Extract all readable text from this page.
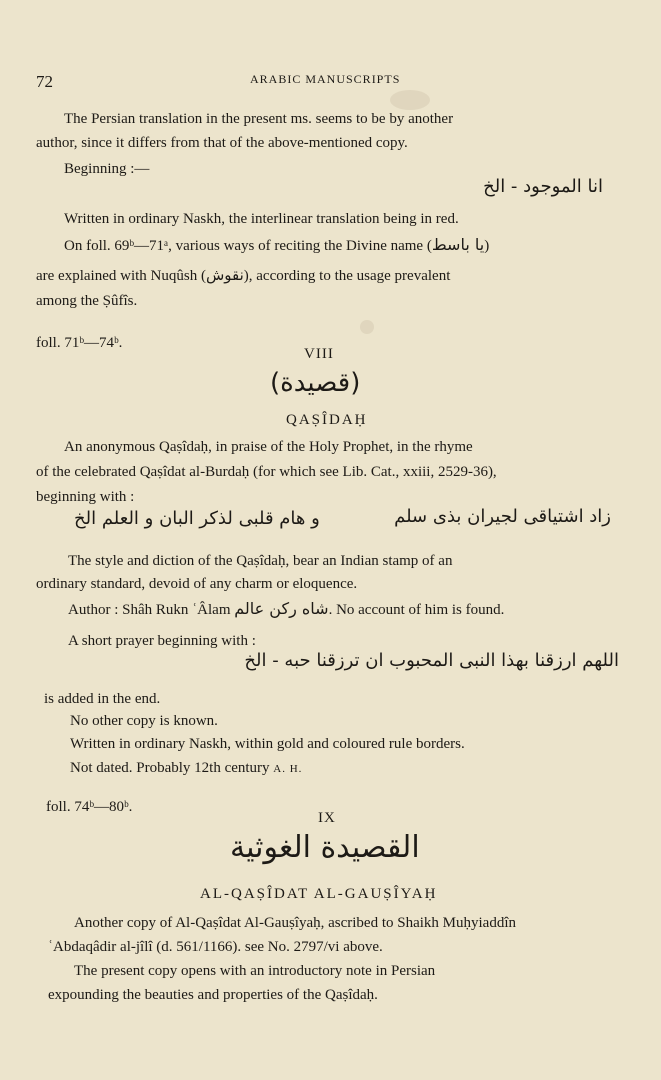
72	ARABIC MANUSCRIPTS
The Persian translation in the present ms. seems to be by another
author, since it differs from that of the above-mentioned copy.
Beginning :—
انا الموجود - الخ
Written in ordinary Naskh, the interlinear translation being in red.
On foll. 69ᵇ—71ᵃ, various ways of reciting the Divine name (يا باسط)
are explained with Nuqûsh (نقوش), according to the usage prevalent
among the Ṣûfîs.
foll. 71ᵇ—74ᵇ.
VIII
(قصيدة)
QAṢÎDAḤ
An anonymous Qaṣîdaḥ, in praise of the Holy Prophet, in the rhyme
of the celebrated Qaṣîdat al-Burdaḥ (for which see Lib. Cat., xxiii, 2529-36),
beginning with :
زاد اشتياقى لجيران بذى سلم
و هام قلبى لذكر البان و العلم الخ
The style and diction of the Qaṣîdaḥ, bear an Indian stamp of an
ordinary standard, devoid of any charm or eloquence.
Author : Shâh Rukn ʿÂlam شاه ركن عالم. No account of him is found.
A short prayer beginning with :
اللهم ارزقنا بهذا النبى المحبوب ان ترزقنا حبه - الخ
is added in the end.
No other copy is known.
Written in ordinary Naskh, within gold and coloured rule borders.
Not dated. Probably 12th century A. H.
foll. 74ᵇ—80ᵇ.
IX
القصيدة الغوثية
AL-QAṢÎDAT AL-GAUṢÎYAḤ
Another copy of Al-Qaṣîdat Al-Gauṣîyaḥ, ascribed to Shaikh Muḥyiaddîn
ʿAbdaqâdir al-jîlî (d. 561/1166). see No. 2797/vi above.
The present copy opens with an introductory note in Persian
expounding the beauties and properties of the Qaṣîdaḥ.
